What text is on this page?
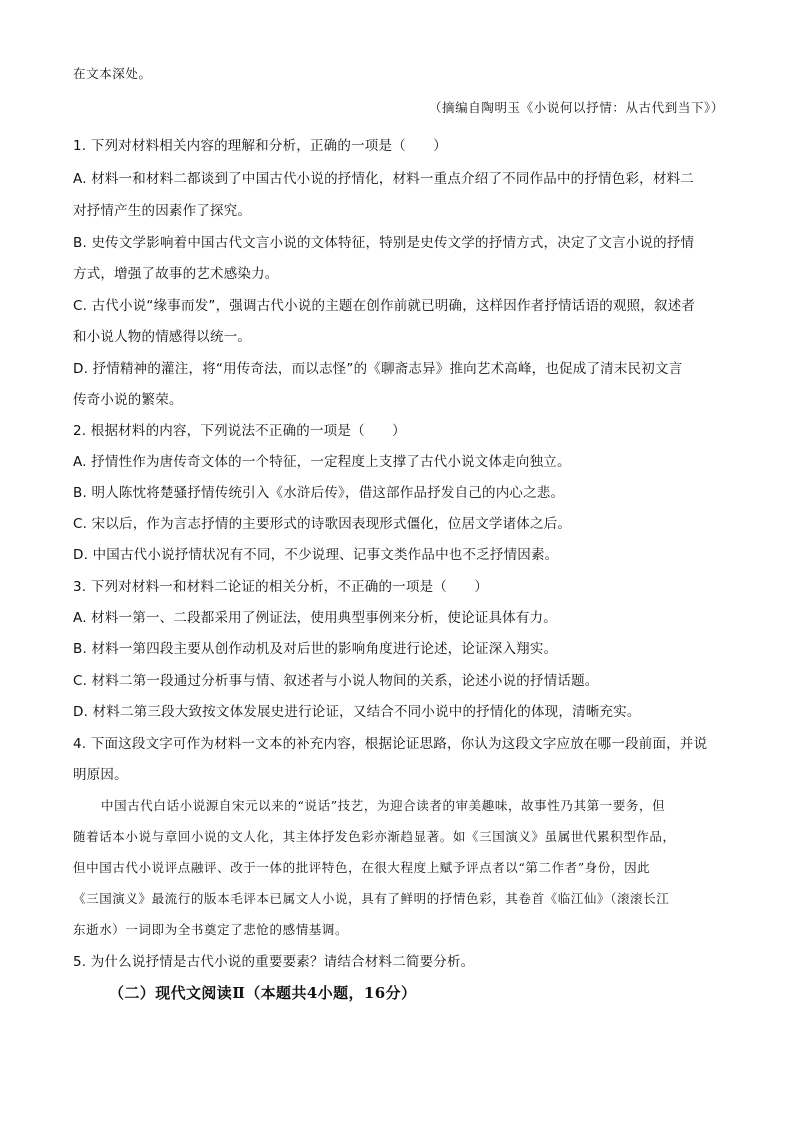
在文本深处。
（摘编自陶明玉《小说何以抒情：从古代到当下》）
1. 下列对材料相关内容的理解和分析，正确的一项是（　　）
A. 材料一和材料二都谈到了中国古代小说的抒情化，材料一重点介绍了不同作品中的抒情色彩，材料二
对抒情产生的因素作了探究。
B. 史传文学影响着中国古代文言小说的文体特征，特别是史传文学的抒情方式，决定了文言小说的抒情
方式，增强了故事的艺术感染力。
C. 古代小说“缘事而发”，强调古代小说的主题在创作前就已明确，这样因作者抒情话语的观照，叙述者
和小说人物的情感得以统一。
D. 抒情精神的灌注，将“用传奇法，而以志怪”的《聊斋志异》推向艺术高峰，也促成了清末民初文言
传奇小说的繁荣。
2. 根据材料的内容，下列说法不正确的一项是（　　）
A. 抒情性作为唐传奇文体的一个特征，一定程度上支撑了古代小说文体走向独立。
B. 明人陈忱将楚骚抒情传统引入《水浒后传》，借这部作品抒发自己的内心之悲。
C. 宋以后，作为言志抒情的主要形式的诗歌因表现形式僵化，位居文学诸体之后。
D. 中国古代小说抒情状况有不同，不少说理、记事文类作品中也不乏抒情因素。
3. 下列对材料一和材料二论证的相关分析，不正确的一项是（　　）
A. 材料一第一、二段都采用了例证法，使用典型事例来分析，使论证具体有力。
B. 材料一第四段主要从创作动机及对后世的影响角度进行论述，论证深入翔实。
C. 材料二第一段通过分析事与情、叙述者与小说人物间的关系，论述小说的抒情话题。
D. 材料二第三段大致按文体发展史进行论证，又结合不同小说中的抒情化的体现，清晰充实。
4. 下面这段文字可作为材料一文本的补充内容，根据论证思路，你认为这段文字应放在哪一段前面，并说
明原因。
中国古代白话小说源自宋元以来的“说话”技艺，为迎合读者的审美趣味，故事性乃其第一要务，但
随着话本小说与章回小说的文人化，其主体抒发色彩亦渐趋显著。如《三国演义》虽属世代累积型作品，
但中国古代小说评点融评、改于一体的批评特色，在很大程度上赋予评点者以“第二作者”身份，因此
《三国演义》最流行的版本毛评本已属文人小说，具有了鲜明的抒情色彩，其卷首《临江仙》（滚滚长江
东逝水）一词即为全书奠定了悲怆的感情基调。
5. 为什么说抒情是古代小说的重要要素？请结合材料二简要分析。
（二）现代文阅读Ⅱ（本题共4小题，16分）
